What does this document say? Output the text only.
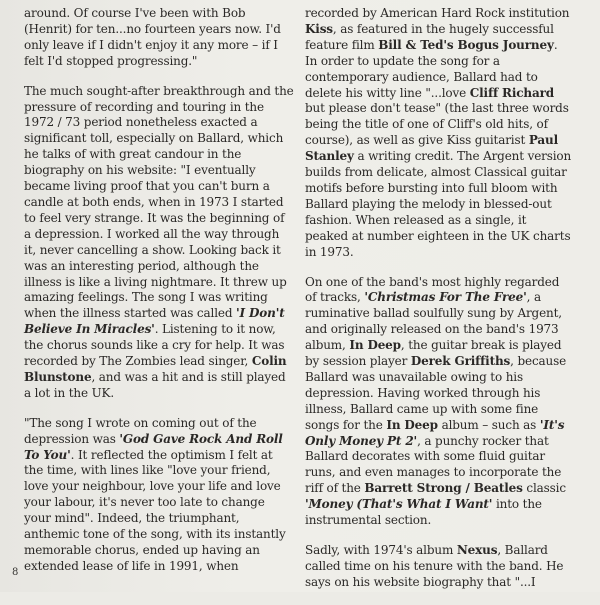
around. Of course I've been with Bob (Henrit) for ten...no fourteen years now. I'd only leave if I didn't enjoy it any more – if I felt I'd stopped progressing."

The much sought-after breakthrough and the pressure of recording and touring in the 1972 / 73 period nonetheless exacted a significant toll, especially on Ballard, which he talks of with great candour in the biography on his website: "I eventually became living proof that you can't burn a candle at both ends, when in 1973 I started to feel very strange. It was the beginning of a depression. I worked all the way through it, never cancelling a show. Looking back it was an interesting period, although the illness is like a living nightmare. It threw up amazing feelings. The song I was writing when the illness started was called 'I Don't Believe In Miracles'. Listening to it now, the chorus sounds like a cry for help. It was recorded by The Zombies lead singer, Colin Blunstone, and was a hit and is still played a lot in the UK.

"The song I wrote on coming out of the depression was 'God Gave Rock And Roll To You'. It reflected the optimism I felt at the time, with lines like "love your friend, love your neighbour, love your life and love your labour, it's never too late to change your mind". Indeed, the triumphant, anthemic tone of the song, with its instantly memorable chorus, ended up having an extended lease of life in 1991, when

recorded by American Hard Rock institution Kiss, as featured in the hugely successful feature film Bill & Ted's Bogus Journey. In order to update the song for a contemporary audience, Ballard had to delete his witty line "...love Cliff Richard but please don't tease" (the last three words being the title of one of Cliff's old hits, of course), as well as give Kiss guitarist Paul Stanley a writing credit. The Argent version builds from delicate, almost Classical guitar motifs before bursting into full bloom with Ballard playing the melody in blessed-out fashion. When released as a single, it peaked at number eighteen in the UK charts in 1973.

On one of the band's most highly regarded of tracks, 'Christmas For The Free', a ruminative ballad soulfully sung by Argent, and originally released on the band's 1973 album, In Deep, the guitar break is played by session player Derek Griffiths, because Ballard was unavailable owing to his depression. Having worked through his illness, Ballard came up with some fine songs for the In Deep album – such as 'It's Only Money Pt 2', a punchy rocker that Ballard decorates with some fluid guitar runs, and even manages to incorporate the riff of the Barrett Strong / Beatles classic 'Money (That's What I Want' into the instrumental section.

Sadly, with 1974's album Nexus, Ballard called time on his tenure with the band. He says on his website biography that "...I

8
